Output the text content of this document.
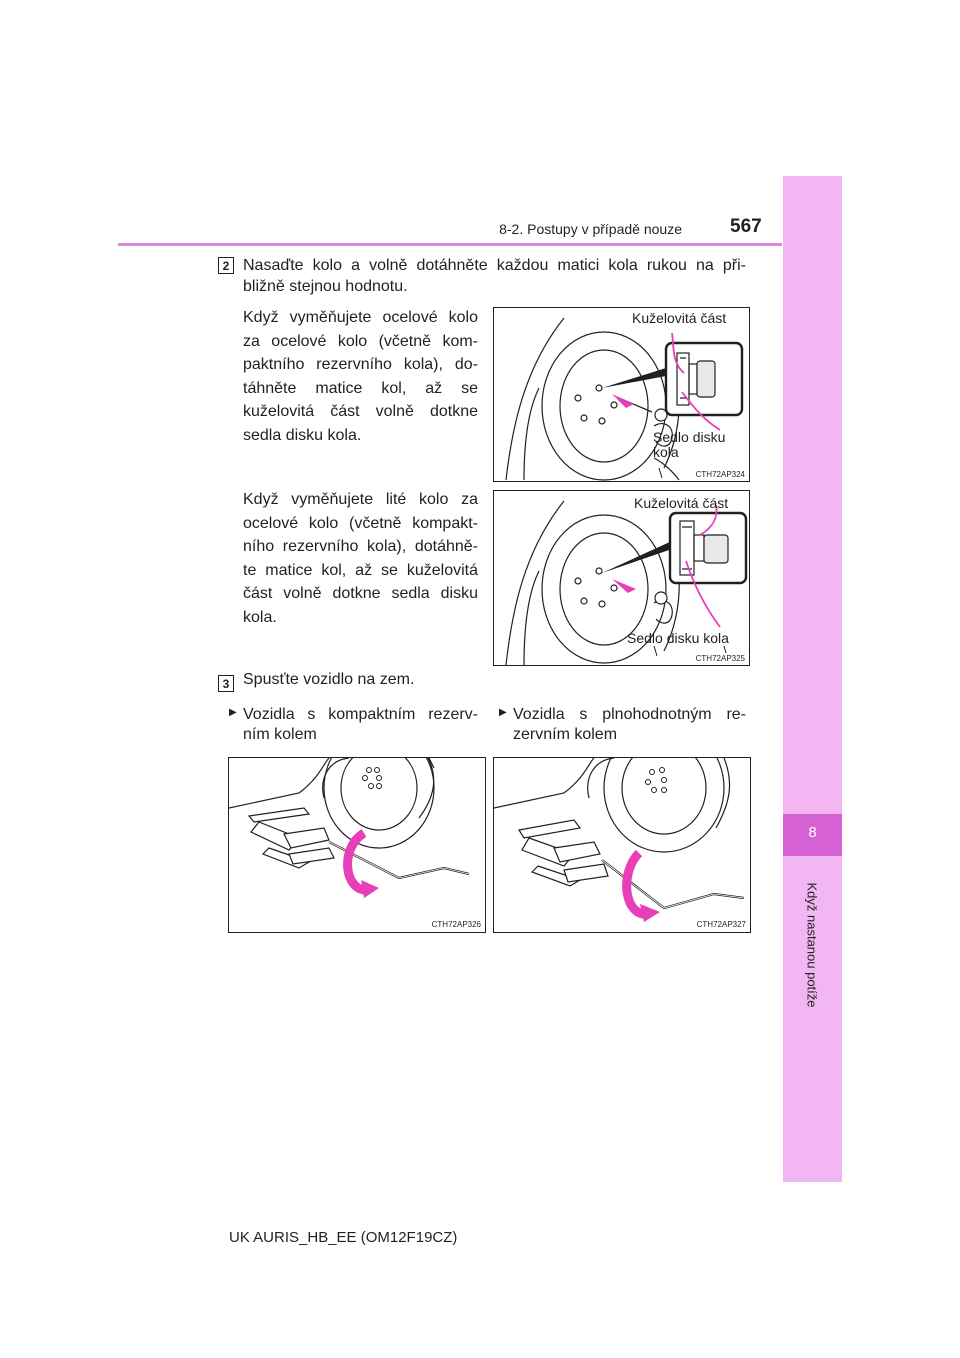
8
Když nastanou potíže
8-2. Postupy v případě nouze	567
2 Nasaďte kolo a volně dotáhněte každou matici kola rukou na při-
bližně stejnou hodnotu.
Když vyměňujete ocelové kolo
za ocelové kolo (včetně kom-
paktního rezervního kola), do-
táhněte matice kol, až se
kuželovitá část volně dotkne
sedla disku kola.
Kuželovitá část
Sedlo disku
kola
CTH72AP324
Když vyměňujete lité kolo za
ocelové kolo (včetně kompakt-
ního rezervního kola), dotáhně-
te matice kol, až se kuželovitá
část volně dotkne sedla disku
kola.
Kuželovitá část
Sedlo disku kola
CTH72AP325
3 Spusťte vozidlo na zem.
▶ Vozidla s kompaktním rezerv-
ním kolem
▶ Vozidla s plnohodnotným re-
zervním kolem
CTH72AP326	CTH72AP327
UK AURIS_HB_EE (OM12F19CZ)
